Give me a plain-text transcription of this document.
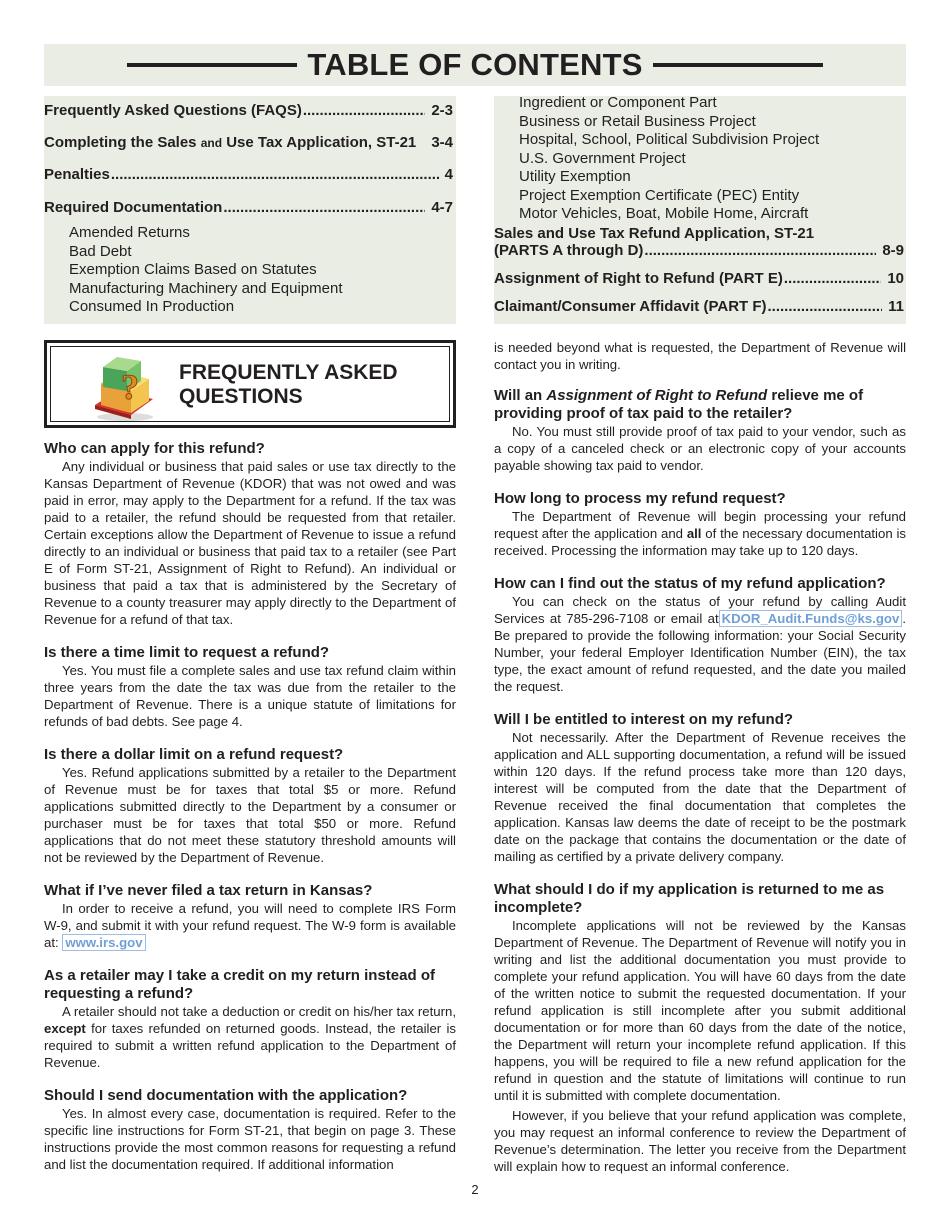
TABLE OF CONTENTS
Frequently Asked Questions (FAQS) .....	2-3
Completing the Sales and Use Tax Application, ST-21 3-4
Penalties .....	4
Required Documentation .....	4-7
Amended Returns
Bad Debt
Exemption Claims Based on Statutes
Manufacturing Machinery and Equipment
Consumed In Production
Ingredient or Component Part
Business or Retail Business Project
Hospital, School, Political Subdivision Project
U.S. Government Project
Utility Exemption
Project Exemption Certificate (PEC) Entity
Motor Vehicles, Boat, Mobile Home, Aircraft
Sales and Use Tax Refund Application, ST-21
(PARTS A through D) .....	8-9
Assignment of Right to Refund (PART E) .....	10
Claimant/Consumer Affidavit (PART F) .....	11
? FREQUENTLY ASKED
QUESTIONS
Who can apply for this refund?

Any individual or business that paid sales or use tax directly to the Kansas Department of Revenue (KDOR) that was not owed and was paid in error, may apply to the Department for a refund. If the tax was paid to a retailer, the refund should be requested from that retailer. Certain exceptions allow the Department of Revenue to issue a refund directly to an individual or business that paid tax to a retailer (see Part E of Form ST-21, Assignment of Right to Refund). An individual or business that paid a tax that is administered by the Secretary of Revenue to a county treasurer may apply directly to the Department of Revenue for a refund of that tax.

Is there a time limit to request a refund?

Yes. You must file a complete sales and use tax refund claim within three years from the date the tax was due from the retailer to the Department of Revenue. There is a unique statute of limitations for refunds of bad debts. See page 4.

Is there a dollar limit on a refund request?

Yes. Refund applications submitted by a retailer to the Department of Revenue must be for taxes that total $5 or more. Refund applications submitted directly to the Department by a consumer or purchaser must be for taxes that total $50 or more. Refund applications that do not meet these statutory threshold amounts will not be reviewed by the Department of Revenue.

What if I’ve never filed a tax return in Kansas?

In order to receive a refund, you will need to complete IRS Form W-9, and submit it with your refund request. The W-9 form is available at: www.irs.gov

As a retailer may I take a credit on my return instead of requesting a refund?

A retailer should not take a deduction or credit on his/her tax return, except for taxes refunded on returned goods. Instead, the retailer is required to submit a written refund application to the Department of Revenue.

Should I send documentation with the application?

Yes. In almost every case, documentation is required. Refer to the specific line instructions for Form ST-21, that begin on page 3. These instructions provide the most common reasons for requesting a refund and list the documentation required. If additional information

is needed beyond what is requested, the Department of Revenue will contact you in writing.

Will an Assignment of Right to Refund relieve me of providing proof of tax paid to the retailer?

No. You must still provide proof of tax paid to your vendor, such as a copy of a canceled check or an electronic copy of your accounts payable showing tax paid to vendor.

How long to process my refund request?

The Department of Revenue will begin processing your refund request after the application and all of the necessary documentation is received. Processing the information may take up to 120 days.

How can I find out the status of my refund application?

You can check on the status of your refund by calling Audit Services at 785-296-7108 or email at KDOR_Audit.Funds@ks.gov . Be prepared to provide the following information: your Social Security Number, your federal Employer Identification Number (EIN), the tax type, the exact amount of refund requested, and the date you mailed the request.

Will I be entitled to interest on my refund?

Not necessarily. After the Department of Revenue receives the application and ALL supporting documentation, a refund will be issued within 120 days. If the refund process take more than 120 days, interest will be computed from the date that the Department of Revenue received the final documentation that completes the application. Kansas law deems the date of receipt to be the postmark date on the package that contains the documentation or the date of mailing as certified by a private delivery company.

What should I do if my application is returned to me as incomplete?

Incomplete applications will not be reviewed by the Kansas Department of Revenue. The Department of Revenue will notify you in writing and list the additional documentation you must provide to complete your refund application. You will have 60 days from the date of the written notice to submit the requested documentation. If your refund application is still incomplete after you submit additional documentation or for more than 60 days from the date of the notice, the Department will return your incomplete refund application. If this happens, you will be required to file a new refund application for the refund in question and the statute of limitations will continue to run until it is submitted with complete documentation.

However, if you believe that your refund application was complete, you may request an informal conference to review the Department of Revenue’s determination. The letter you receive from the Department will explain how to request an informal conference.

2
